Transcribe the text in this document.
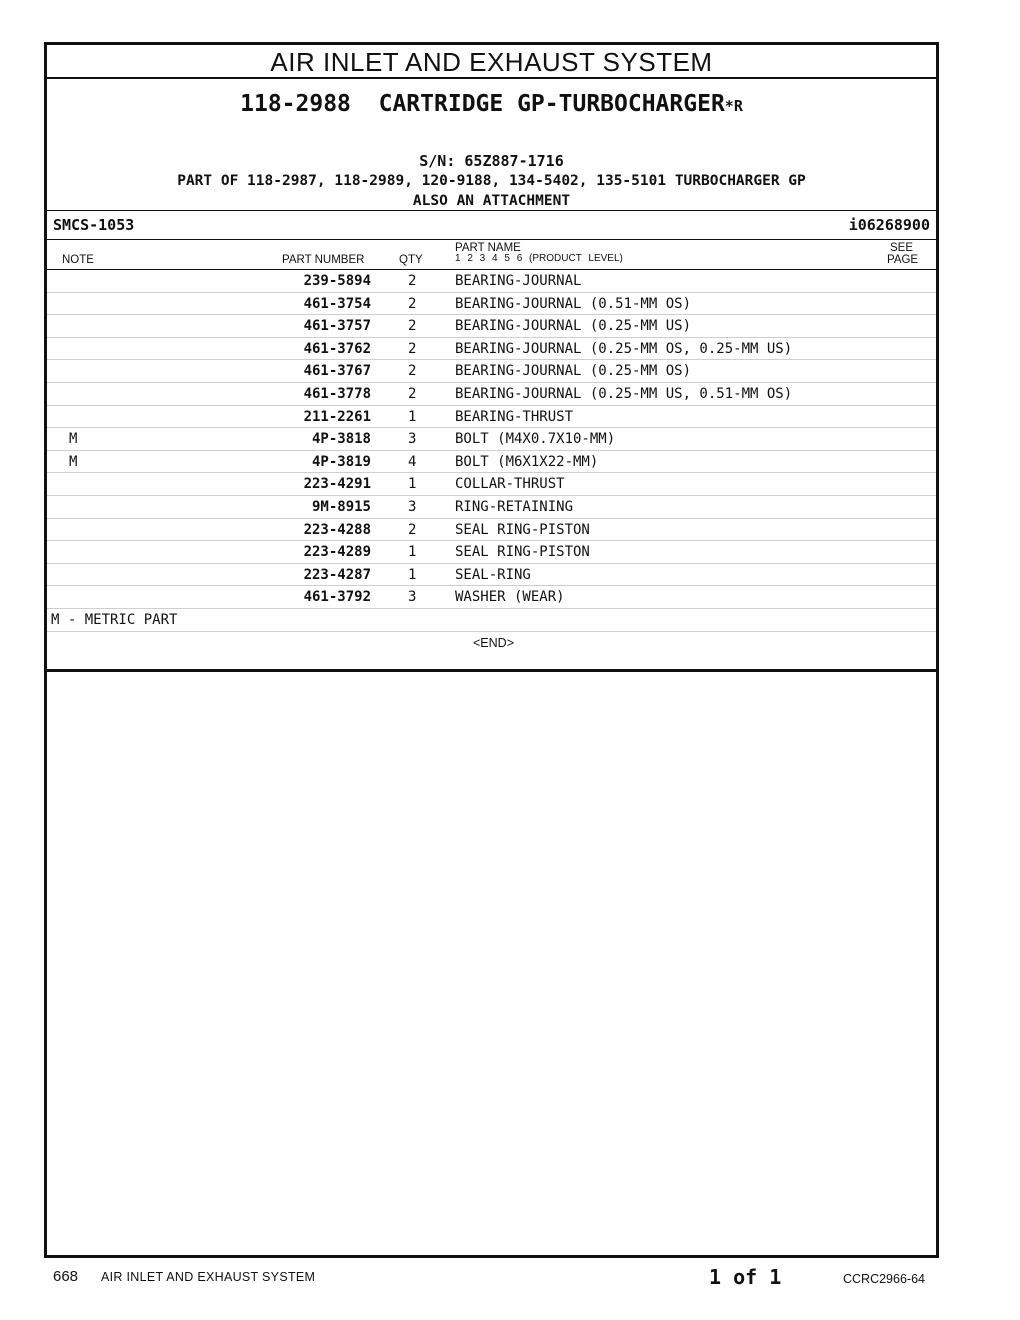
AIR INLET AND EXHAUST SYSTEM
118-2988 CARTRIDGE GP-TURBOCHARGER*R
S/N: 65Z887-1716
PART OF 118-2987, 118-2989, 120-9188, 134-5402, 135-5101 TURBOCHARGER GP
ALSO AN ATTACHMENT
SMCS-1053	i06268900
NOTE	PART NUMBER	QTY
PART NAME
1 2 3 4 5 6 (PRODUCT LEVEL)
SEE
PAGE
239-5894	2	BEARING-JOURNAL
461-3754	2	BEARING-JOURNAL (0.51-MM OS)
461-3757	2	BEARING-JOURNAL (0.25-MM US)
461-3762	2	BEARING-JOURNAL (0.25-MM OS, 0.25-MM US)
461-3767	2	BEARING-JOURNAL (0.25-MM OS)
461-3778	2	BEARING-JOURNAL (0.25-MM US, 0.51-MM OS)
211-2261	1	BEARING-THRUST
M	4P-3818	3	BOLT (M4X0.7X10-MM)
M	4P-3819	4	BOLT (M6X1X22-MM)
223-4291	1	COLLAR-THRUST
9M-8915	3	RING-RETAINING
223-4288	2	SEAL RING-PISTON
223-4289	1	SEAL RING-PISTON
223-4287	1	SEAL-RING
461-3792	3	WASHER (WEAR)
M - METRIC PART
<END>
668 AIR INLET AND EXHAUST SYSTEM	1 of 1	CCRC2966-64
